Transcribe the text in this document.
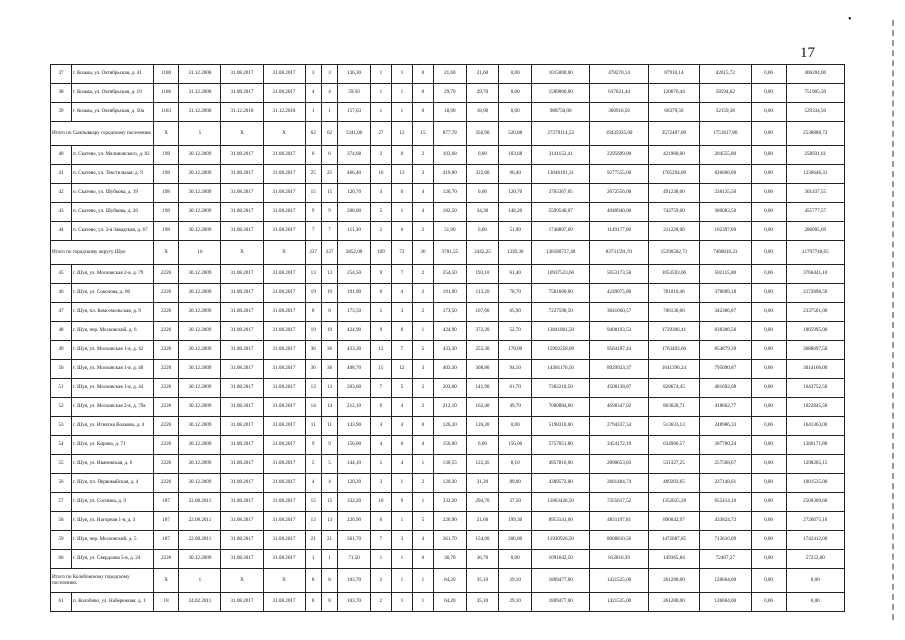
17
•
37	г. Козьва, ул. Октябрьская, д. 41	1180	31.12.2008	31.08.2017	31.08.2017	3	3	136,30	1	1	0	21,60	21,60	0,00	1015000,00	478270,14	87910,14	42615,72	0,00	406204,00
38	г. Козьва, ул. Октябрьская, д. 19	1186	31.12.2008	31.08.2017	31.08.2017	4	4	59,50	1	1	0	29,70	29,70	0,00	1589000,00	637621,44	120676,44	58594,62	0,00	751905,50
39	г. Козьва, ул. Октябрьская, д. 50а	1183	31.12.2008	31.12.2018	31.12.2018	1	1	157,03	1	1	0	18,90	18,90	0,00	988750,00	360916,56	66379,56	32159,38	0,00	529334,50
Итого по Сыктывкару городскому поселению		X	5	X	X	62	62	1241,06	27	12	15	877,78	356,90	520,88	27279114,53	19435925,00	3572487,00	1751817,80	0,00	2538888,73
40	п. Скатево, ул. Малиновского, д. 82	198	30.12.2009	31.08.2017	31.08.2017	6	6	374,68	2	0	2	103,68	0,00	103,68	3141152,41	2295699,00	421968,00	204555,80	0,00	258931,61
41	п. Скатево, ул. Текстильная, д. 9	198	30.12.2009	31.08.2017	31.08.2017	25	25	466,40	16	13	3	419,00	322,60	96,40	13046161,31	9277555,00	1705294,00	826666,00	0,00	1236646,31
42	п. Скатево, ул. Шубкова, д. 19	198	30.12.2009	31.08.2017	31.08.2017	15	15	120,70	4	0	4	120,70	0,00	120,70	3705367,05	2672556,00	491238,00	238135,50	0,00	301437,55
43	п. Скатево, ул. Шубкова, д. 26	198	30.12.2009	31.08.2017	31.08.2017	9	9	208,00	5	1	4	182,50	34,30	148,20	5599540,07	4040940,00	742759,00	360083,50	0,00	455777,57
44	п. Скатево, ул. 3-я Заводская, д. 67	198	30.12.2009	31.08.2017	31.08.2017	7	7	111,30	2	0	2	51,90	0,00	51,90	1748897,69	1149177,00	211228,00	102397,00	0,00	286095,69
Итого по городскому округу Шуя:		X	16	X	X	237	237	3852,00	109	73	36	3781,55	2442,25	1339,30	138580727,40	83731591,91	15390582,71	7460810,23	0,00	31797740,65
45	г. Шуя, ул. Московская 2-я, д. 79	2226	30.12.2009	31.08.2017	31.08.2017	13	13	254,50	9	7	2	254,50	193,10	61,40	10937523,60	5653173,56	1053593,06	502115,88	0,00	3766441,10
46	г. Шуя, ул. Соколова, д. 96	2226	30.12.2009	31.08.2017	31.08.2017	19	19	191,90	6	4	2	191,90	113,20	78,70	7581600,00	4249075,86	781016,46	378609,18	0,00	2172898,50
47	г. Шуя, пл. Комсомольская, д. 9	2226	30.12.2009	31.08.2017	31.08.2017	8	8	173,50	5	3	2	173,50	107,60	65,90	7227598,50	3841660,57	706130,06	342306,87	0,00	2337501,00
48	г. Шуя, пер. Московский, д. 6	2226	30.12.2009	31.08.2017	31.08.2017	19	19	424,90	9	8	1	424,90	372,20	52,70	13841801,50	9408193,53	1729306,41	838306,56	0,00	1865995,00
49	г. Шуя, ул. Московская 1-я, д. 42	2226	30.12.2009	31.08.2017	31.08.2017	36	36	433,30	12	7	5	433,30	255,30	178,00	15902258,00	9564187,43	1763493,66	854879,39	0,00	3688697,50
50	г. Шуя, ул. Московская 1-я, д. 40	2226	30.12.2009	31.08.2017	31.08.2017	36	36	408,70	15	12	3	403,30	308,80	94,50	14381176,50	8929923,37	1641396,24	795690,87	0,00	3014166,00
51	г. Шуя, ул. Московская 1-я, д. 44	2226	30.12.2009	31.08.2017	31.08.2017	13	13	203,60	7	5	2	203,60	141,90	61,70	7382218,50	4508138,87	828674,45	401692,68	0,00	1643752,50
52	г. Шуя, ул. Московская 2-я, д. 79а	2226	30.12.2009	31.08.2017	31.08.2017	14	14	212,10	6	4	2	212,10	162,40	49,70	7000884,00	4698347,02	863628,71	418662,77	0,00	1022845,50
53	г. Шуя, ул. Игнатия Волкова, д. 4	2226	30.12.2009	31.08.2017	31.08.2017	11	11	143,90	4	4	0	126,20	126,20	0,00	5198310,00	2794337,54	513633,13	248986,33	0,00	1641363,00
54	г. Шуя, ул. Кирова, д. 71	2226	30.12.2009	31.08.2017	31.08.2017	9	9	156,00	4	0	4	156,00	0,00	156,00	5757051,80	3454172,19	634906,57	307780,24	0,00	1360171,80
55	г. Шуя, ул. Ивановская, д. 6	2226	30.12.2009	31.08.2017	31.08.2017	5	5	144,10	5	4	1	130,55	122,45	8,10	4957816,90	2890653,83	531327,25	257568,67	0,00	1298265,15
56	г. Шуя, пл. Первомайская, д. 4	2226	30.12.2009	31.08.2017	31.08.2017	4	4	120,20	3	1	2	120,20	31,20	89,00	4389572,00	2661484,74	489203,65	237148,61	0,00	1001535,00
57	г. Шуя, ул. Соснина, д. 9	187	22.08.2011	31.08.2017	31.08.2017	15	15	332,20	10	9	1	332,20	294,70	37,50	11863426,50	7355617,52	1352025,28	655414,10	0,00	2500369,60
58	г. Шуя, ул. Нагорная 1-я, д. 3	187	22.08.2011	31.08.2017	31.08.2017	13	13	220,90	6	1	5	220,90	21,60	199,30	8953141,60	4831197,81	890043,97	433824,72	0,00	2726075,10
59	г. Шуя, пер. Московский, д. 5	187	22.08.2011	31.08.2017	31.08.2017	21	21	361,70	7	3	4	361,70	154,90	206,80	11930926,50	8008810,56	1472087,85	713616,09	0,00	1742412,00
60	г. Шуя, ул. Свердлова 5-я, д. 24	2226	30.12.2009	31.08.2017	31.08.2017	1	1	71,50	1	1	0	36,70	36,70	0,00	1091642,50	812816,39	149365,84	72407,27	0,00	57252,00
Итого по Колобовскому городскому поселению:		X	1	X	X	8	8	103,70	2	1	1	64,20	35,10	29,10	1809477,00	1421525,00	261288,00	126664,00	0,00	0,00
61	п. Колобово, ул. Набережная, д. 1	18	24.02.2011	31.08.2017	31.08.2017	8	8	103,70	2	1	1	64,20	35,10	29,10	1809477,00	1421525,00	261288,00	126664,00	0,00	0,00
